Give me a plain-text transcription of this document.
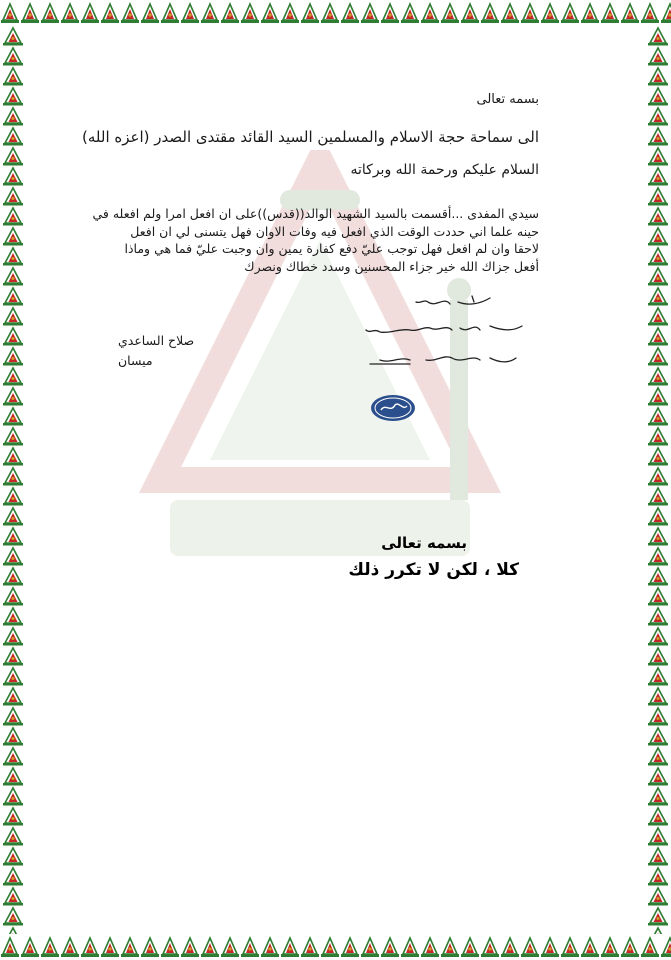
بسمه تعالى
الى سماحة حجة الاسلام والمسلمين السيد القائد مقتدى الصدر (اعزه الله)
السلام عليكم ورحمة الله وبركاته
سيدي المفدى ...أقسمت بالسيد الشهيد الوالد((قدس))على ان افعل امرا ولم افعله في
حينه علما اني حددت الوقت الذي افعل فيه وفات الاوان فهل يتسنى لي ان افعل
لاحقا وان لم افعل فهل توجب عليّ دفع كفارة يمين وان وجبت عليّ فما هي وماذا
أفعل جزاك الله خير جزاء المحسنين وسدد خطاك ونصرك
صلاح الساعدي
ميسان
بسمه تعالى
كلا ، لكن لا تكرر ذلك
